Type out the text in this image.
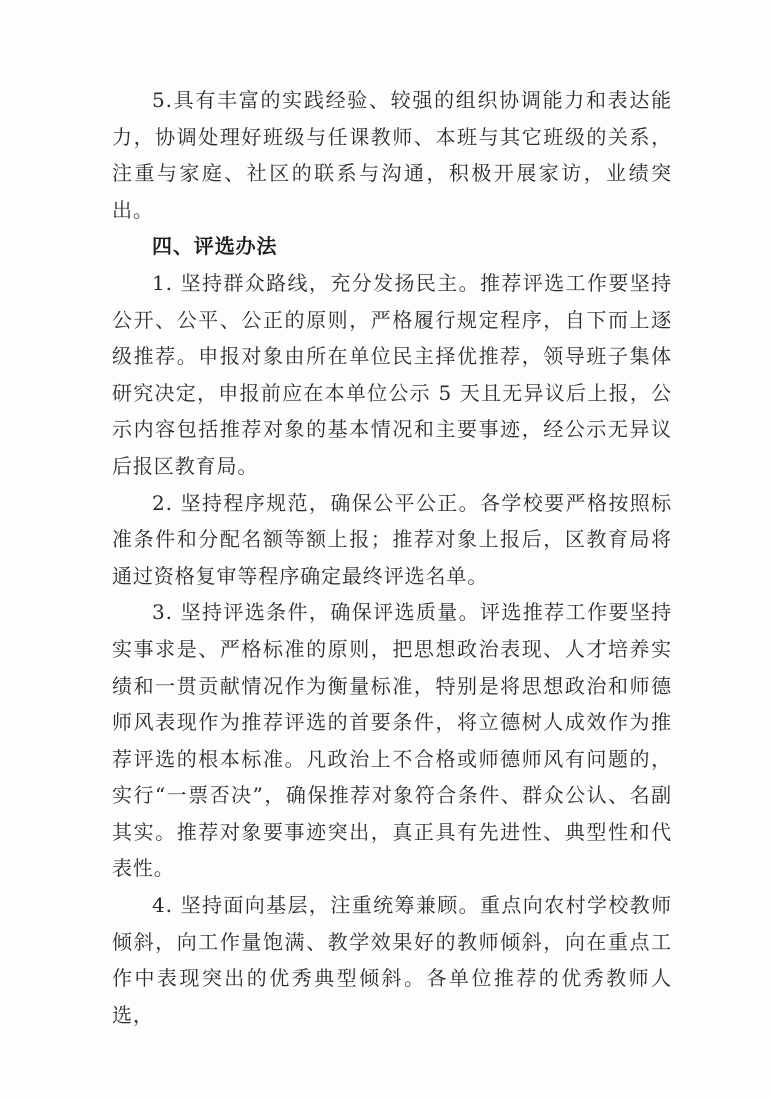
5.具有丰富的实践经验、较强的组织协调能力和表达能力，协调处理好班级与任课教师、本班与其它班级的关系，注重与家庭、社区的联系与沟通，积极开展家访，业绩突出。

四、评选办法

1. 坚持群众路线，充分发扬民主。推荐评选工作要坚持公开、公平、公正的原则，严格履行规定程序，自下而上逐级推荐。申报对象由所在单位民主择优推荐，领导班子集体研究决定，申报前应在本单位公示 5 天且无异议后上报，公示内容包括推荐对象的基本情况和主要事迹，经公示无异议后报区教育局。

2. 坚持程序规范，确保公平公正。各学校要严格按照标准条件和分配名额等额上报；推荐对象上报后，区教育局将通过资格复审等程序确定最终评选名单。

3. 坚持评选条件，确保评选质量。评选推荐工作要坚持实事求是、严格标准的原则，把思想政治表现、人才培养实绩和一贯贡献情况作为衡量标准，特别是将思想政治和师德师风表现作为推荐评选的首要条件，将立德树人成效作为推荐评选的根本标准。凡政治上不合格或师德师风有问题的，实行“一票否决”，确保推荐对象符合条件、群众公认、名副其实。推荐对象要事迹突出，真正具有先进性、典型性和代表性。

4. 坚持面向基层，注重统筹兼顾。重点向农村学校教师倾斜，向工作量饱满、教学效果好的教师倾斜，向在重点工作中表现突出的优秀典型倾斜。各单位推荐的优秀教师人选，
